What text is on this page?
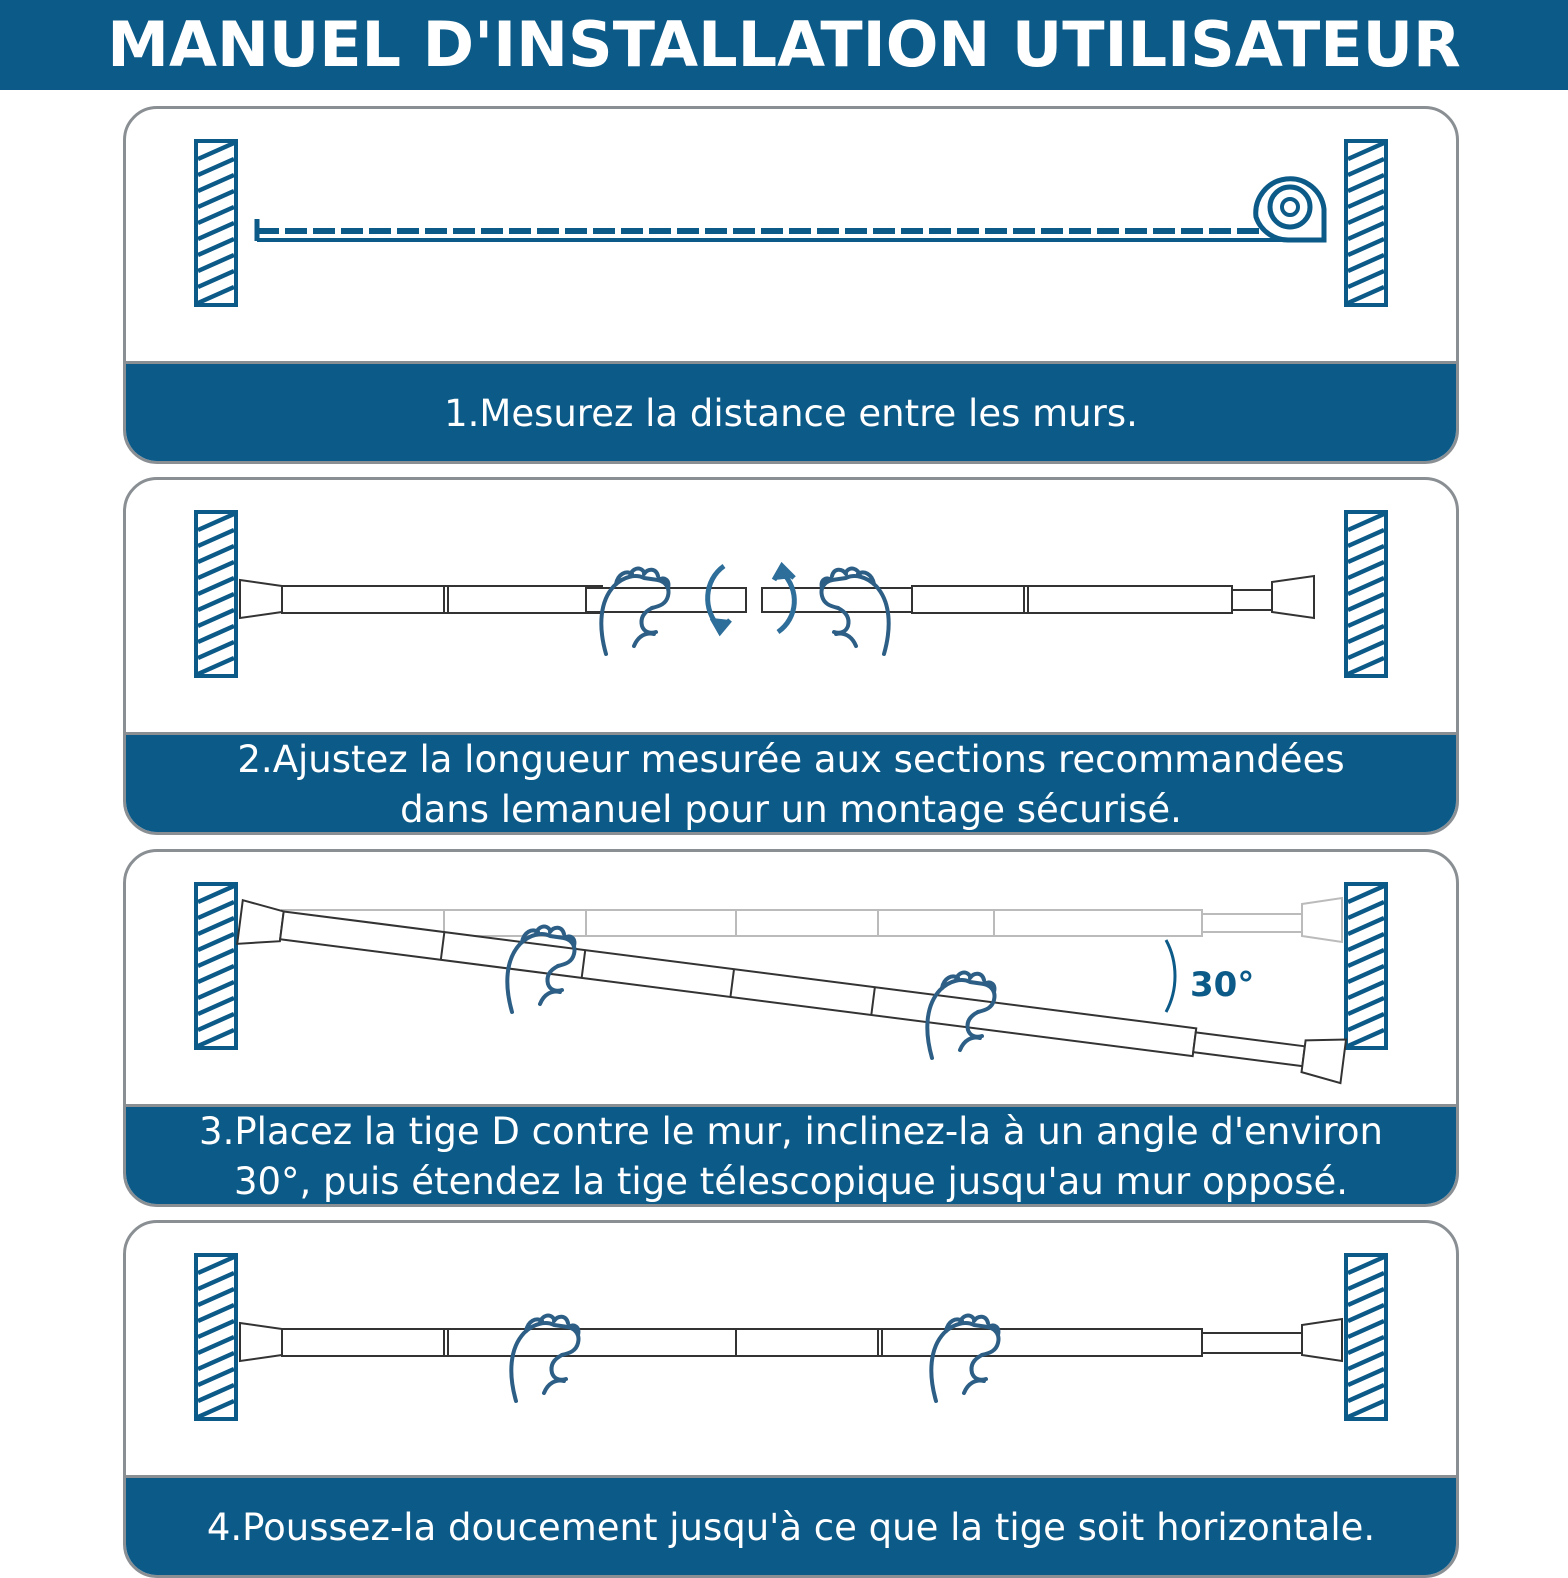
MANUEL D'INSTALLATION UTILISATEUR
1.Mesurez la distance entre les murs.
2.Ajustez la longueur mesurée aux sections recommandées
dans lemanuel pour un montage sécurisé.
30°
3.Placez la tige D contre le mur, inclinez-la à un angle d'environ
30°, puis étendez la tige télescopique jusqu'au mur opposé.
4.Poussez-la doucement jusqu'à ce que la tige soit horizontale.
